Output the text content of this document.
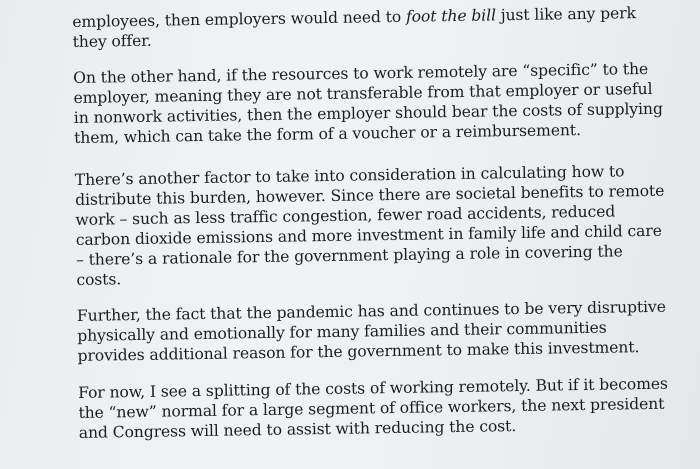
employees, then employers would need to foot the bill just like any perk
they offer.
On the other hand, if the resources to work remotely are “specific” to the
employer, meaning they are not transferable from that employer or useful
in nonwork activities, then the employer should bear the costs of supplying
them, which can take the form of a voucher or a reimbursement.
There’s another factor to take into consideration in calculating how to
distribute this burden, however. Since there are societal benefits to remote
work – such as less traffic congestion, fewer road accidents, reduced
carbon dioxide emissions and more investment in family life and child care
– there’s a rationale for the government playing a role in covering the
costs.
Further, the fact that the pandemic has and continues to be very disruptive
physically and emotionally for many families and their communities
provides additional reason for the government to make this investment.
For now, I see a splitting of the costs of working remotely. But if it becomes
the “new” normal for a large segment of office workers, the next president
and Congress will need to assist with reducing the cost.
